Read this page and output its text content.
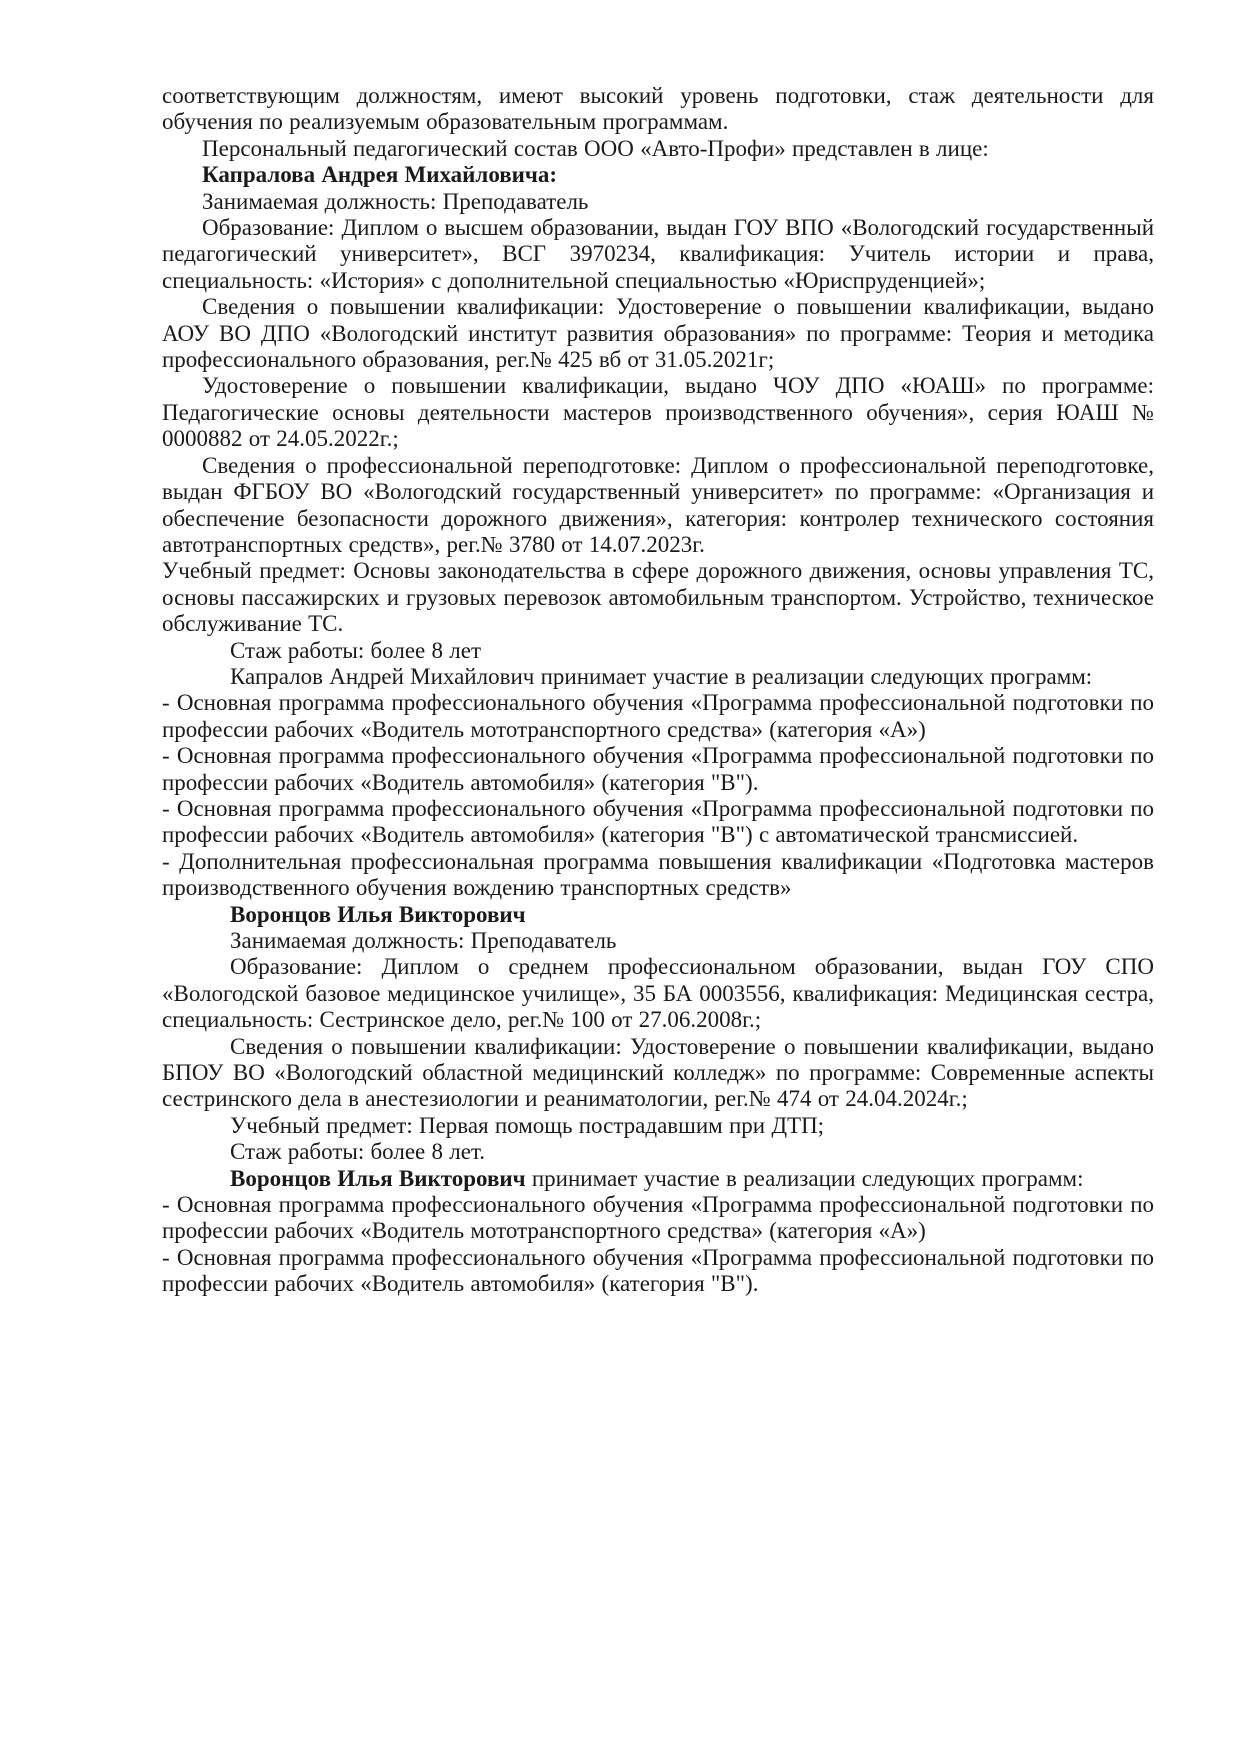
соответствующим должностям, имеют высокий уровень подготовки, стаж деятельности для обучения по реализуемым образовательным программам.

Персональный педагогический состав ООО «Авто-Профи» представлен в лице:

Капралова Андрея Михайловича:

Занимаемая должность: Преподаватель

Образование: Диплом о высшем образовании, выдан ГОУ ВПО «Вологодский государственный педагогический университет», ВСГ 3970234, квалификация: Учитель истории и права, специальность: «История» с дополнительной специальностью «Юриспруденцией»;

Сведения о повышении квалификации: Удостоверение о повышении квалификации, выдано АОУ ВО ДПО «Вологодский институт развития образования» по программе: Теория и методика профессионального образования, рег.№ 425 вб от 31.05.2021г;

Удостоверение о повышении квалификации, выдано ЧОУ ДПО «ЮАШ» по программе: Педагогические основы деятельности мастеров производственного обучения», серия ЮАШ № 0000882 от 24.05.2022г.;

Сведения о профессиональной переподготовке: Диплом о профессиональной переподготовке, выдан ФГБОУ ВО «Вологодский государственный университет» по программе: «Организация и обеспечение безопасности дорожного движения», категория: контролер технического состояния автотранспортных средств», рег.№ 3780 от 14.07.2023г.

Учебный предмет: Основы законодательства в сфере дорожного движения, основы управления ТС, основы пассажирских и грузовых перевозок автомобильным транспортом. Устройство, техническое обслуживание ТС.

Стаж работы: более 8 лет

Капралов Андрей Михайлович принимает участие в реализации следующих программ:

- Основная программа профессионального обучения «Программа профессиональной подготовки по профессии рабочих «Водитель мототранспортного средства» (категория «А»)

- Основная программа профессионального обучения «Программа профессиональной подготовки по профессии рабочих «Водитель автомобиля» (категория "В").

- Основная программа профессионального обучения «Программа профессиональной подготовки по профессии рабочих «Водитель автомобиля» (категория "В") с автоматической трансмиссией.

- Дополнительная профессиональная программа повышения квалификации «Подготовка мастеров производственного обучения вождению транспортных средств»

Воронцов Илья Викторович

Занимаемая должность: Преподаватель

Образование: Диплом о среднем профессиональном образовании, выдан ГОУ СПО «Вологодской базовое медицинское училище», 35 БА 0003556, квалификация: Медицинская сестра, специальность: Сестринское дело, рег.№ 100 от 27.06.2008г.;

Сведения о повышении квалификации: Удостоверение о повышении квалификации, выдано БПОУ ВО «Вологодский областной медицинский колледж» по программе: Современные аспекты сестринского дела в анестезиологии и реаниматологии, рег.№ 474 от 24.04.2024г.;

Учебный предмет: Первая помощь пострадавшим при ДТП;

Стаж работы: более 8 лет.

Воронцов Илья Викторович принимает участие в реализации следующих программ:

- Основная программа профессионального обучения «Программа профессиональной подготовки по профессии рабочих «Водитель мототранспортного средства» (категория «А»)

- Основная программа профессионального обучения «Программа профессиональной подготовки по профессии рабочих «Водитель автомобиля» (категория "В").
